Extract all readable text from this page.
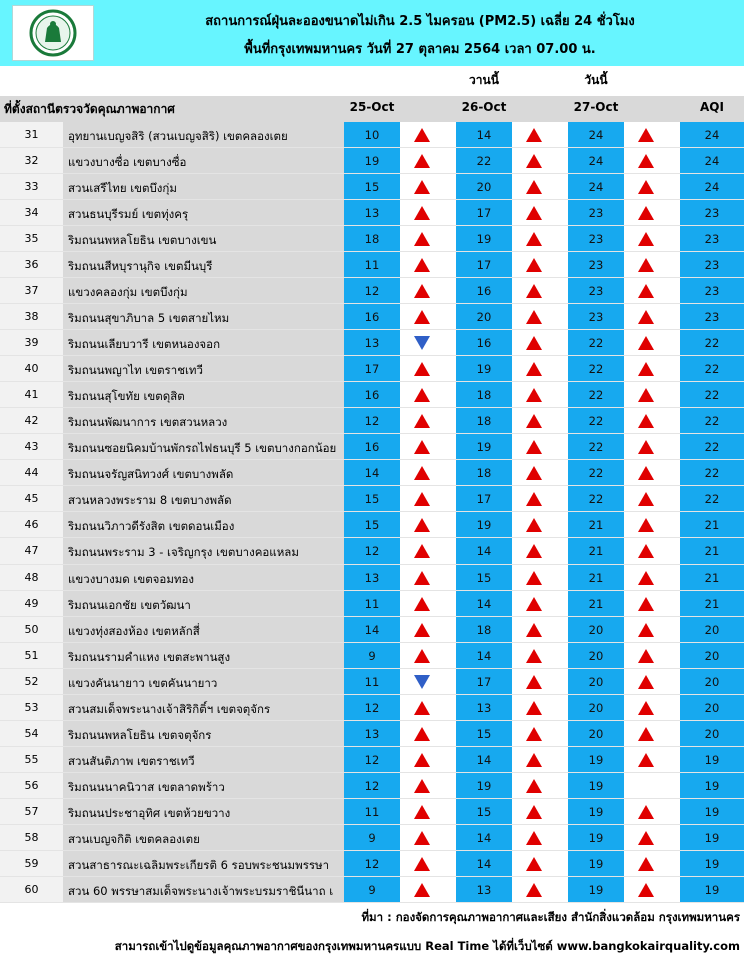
สถานการณ์ฝุ่นละอองขนาดไม่เกิน 2.5 ไมครอน (PM2.5) เฉลี่ย 24 ชั่วโมง
พื้นที่กรุงเทพมหานคร วันที่ 27 ตุลาคม 2564 เวลา 07.00 น.
วานนี้	วันนี้
ที่ตั้งสถานีตรวจวัดคุณภาพอากาศ	25-Oct	26-Oct	27-Oct	AQI
31	อุทยานเบญจสิริ (สวนเบญจสิริ) เขตคลองเตย	10	14	24	24
32	แขวงบางซื่อ เขตบางซื่อ	19	22	24	24
33	สวนเสรีไทย เขตบึงกุ่ม	15	20	24	24
34	สวนธนบุรีรมย์ เขตทุ่งครุ	13	17	23	23
35	ริมถนนพหลโยธิน เขตบางเขน	18	19	23	23
36	ริมถนนสีหบุรานุกิจ เขตมีนบุรี	11	17	23	23
37	แขวงคลองกุ่ม เขตบึงกุ่ม	12	16	23	23
38	ริมถนนสุขาภิบาล 5 เขตสายไหม	16	20	23	23
39	ริมถนนเลียบวารี เขตหนองจอก	13	16	22	22
40	ริมถนนพญาไท เขตราชเทวี	17	19	22	22
41	ริมถนนสุโขทัย เขตดุสิต	16	18	22	22
42	ริมถนนพัฒนาการ เขตสวนหลวง	12	18	22	22
43	ริมถนนซอยนิคมบ้านพักรถไฟธนบุรี 5 เขตบางกอกน้อย	16	19	22	22
44	ริมถนนจรัญสนิทวงศ์ เขตบางพลัด	14	18	22	22
45	สวนหลวงพระราม 8 เขตบางพลัด	15	17	22	22
46	ริมถนนวิภาวดีรังสิต เขตดอนเมือง	15	19	21	21
47	ริมถนนพระราม 3 - เจริญกรุง เขตบางคอแหลม	12	14	21	21
48	แขวงบางมด เขตจอมทอง	13	15	21	21
49	ริมถนนเอกชัย เขตวัฒนา	11	14	21	21
50	แขวงทุ่งสองห้อง เขตหลักสี่	14	18	20	20
51	ริมถนนรามคำแหง เขตสะพานสูง	9	14	20	20
52	แขวงคันนายาว เขตคันนายาว	11	17	20	20
53	สวนสมเด็จพระนางเจ้าสิริกิติ์ฯ เขตจตุจักร	12	13	20	20
54	ริมถนนพหลโยธิน เขตจตุจักร	13	15	20	20
55	สวนสันติภาพ เขตราชเทวี	12	14	19	19
56	ริมถนนนาคนิวาส เขตลาดพร้าว	12	19	19	19
57	ริมถนนประชาอุทิศ เขตห้วยขวาง	11	15	19	19
58	สวนเบญจกิติ เขตคลองเตย	9	14	19	19
59	สวนสาธารณะเฉลิมพระเกียรติ 6 รอบพระชนมพรรษา	12	14	19	19
60	สวน 60 พรรษาสมเด็จพระนางเจ้าพระบรมราชินีนาถ เ	9	13	19	19
ที่มา : กองจัดการคุณภาพอากาศและเสียง สำนักสิ่งแวดล้อม กรุงเทพมหานคร
สามารถเข้าไปดูข้อมูลคุณภาพอากาศของกรุงเทพมหานครแบบ Real Time ได้ที่เว็บไซต์ www.bangkokairquality.com
